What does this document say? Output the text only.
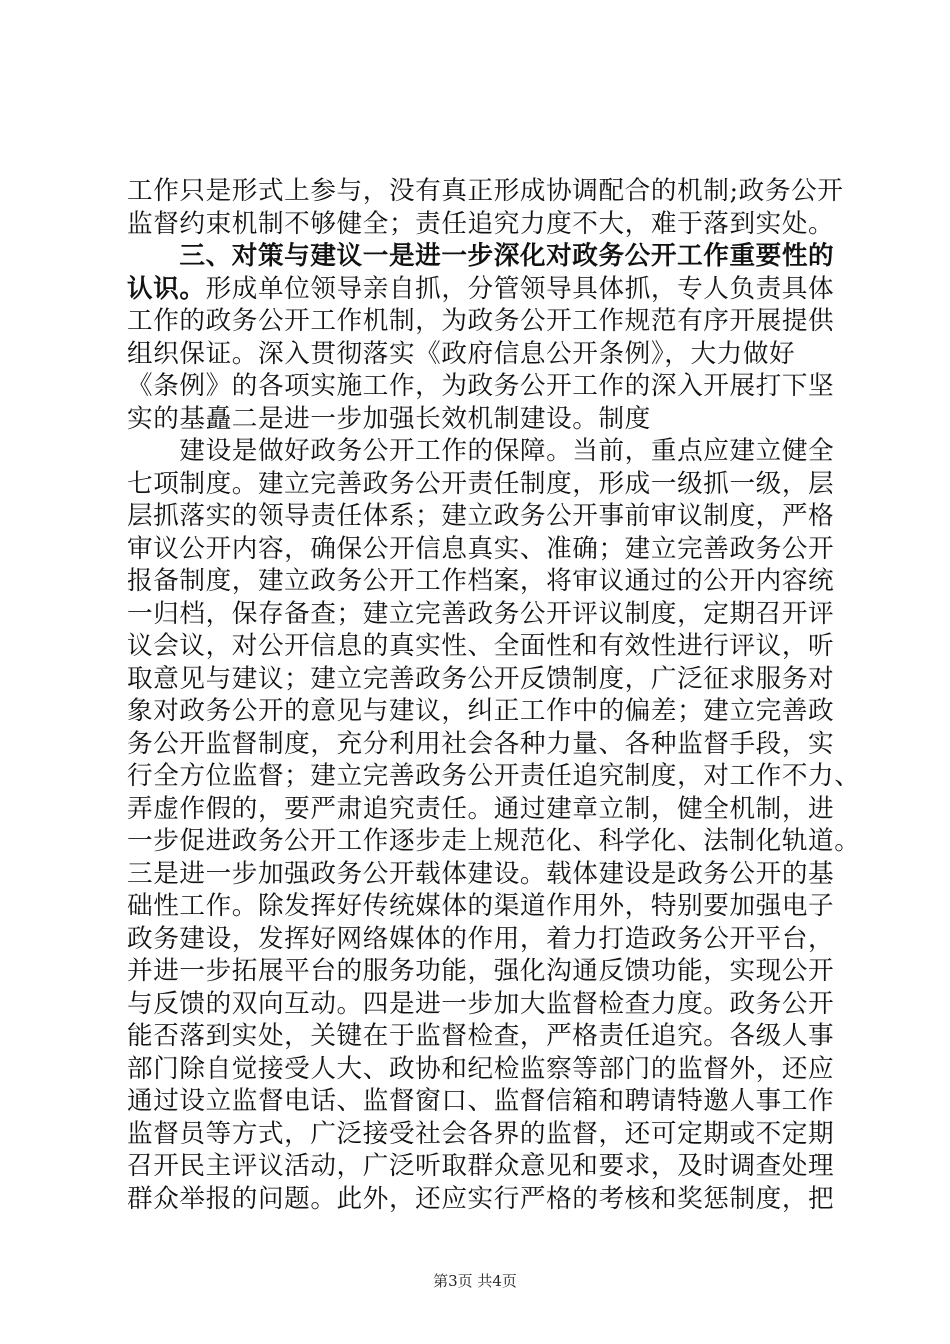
工作只是形式上参与，没有真正形成协调配合的机制;政务公开
监督约束机制不够健全；责任追究力度不大，难于落到实处。
　　三、对策与建议一是进一步深化对政务公开工作重要性的
认识。形成单位领导亲自抓，分管领导具体抓，专人负责具体
工作的政务公开工作机制，为政务公开工作规范有序开展提供
组织保证。深入贯彻落实《政府信息公开条例》，大力做好
《条例》的各项实施工作，为政务公开工作的深入开展打下坚
实的基矗二是进一步加强长效机制建设。制度
　　建设是做好政务公开工作的保障。当前，重点应建立健全
七项制度。建立完善政务公开责任制度，形成一级抓一级，层
层抓落实的领导责任体系；建立政务公开事前审议制度，严格
审议公开内容，确保公开信息真实、准确；建立完善政务公开
报备制度，建立政务公开工作档案，将审议通过的公开内容统
一归档，保存备查；建立完善政务公开评议制度，定期召开评
议会议，对公开信息的真实性、全面性和有效性进行评议，听
取意见与建议；建立完善政务公开反馈制度，广泛征求服务对
象对政务公开的意见与建议，纠正工作中的偏差；建立完善政
务公开监督制度，充分利用社会各种力量、各种监督手段，实
行全方位监督；建立完善政务公开责任追究制度，对工作不力、
弄虚作假的，要严肃追究责任。通过建章立制，健全机制，进
一步促进政务公开工作逐步走上规范化、科学化、法制化轨道。
三是进一步加强政务公开载体建设。载体建设是政务公开的基
础性工作。除发挥好传统媒体的渠道作用外，特别要加强电子
政务建设，发挥好网络媒体的作用，着力打造政务公开平台，
并进一步拓展平台的服务功能，强化沟通反馈功能，实现公开
与反馈的双向互动。四是进一步加大监督检查力度。政务公开
能否落到实处，关键在于监督检查，严格责任追究。各级人事
部门除自觉接受人大、政协和纪检监察等部门的监督外，还应
通过设立监督电话、监督窗口、监督信箱和聘请特邀人事工作
监督员等方式，广泛接受社会各界的监督，还可定期或不定期
召开民主评议活动，广泛听取群众意见和要求，及时调查处理
群众举报的问题。此外，还应实行严格的考核和奖惩制度，把
第3页 共4页
